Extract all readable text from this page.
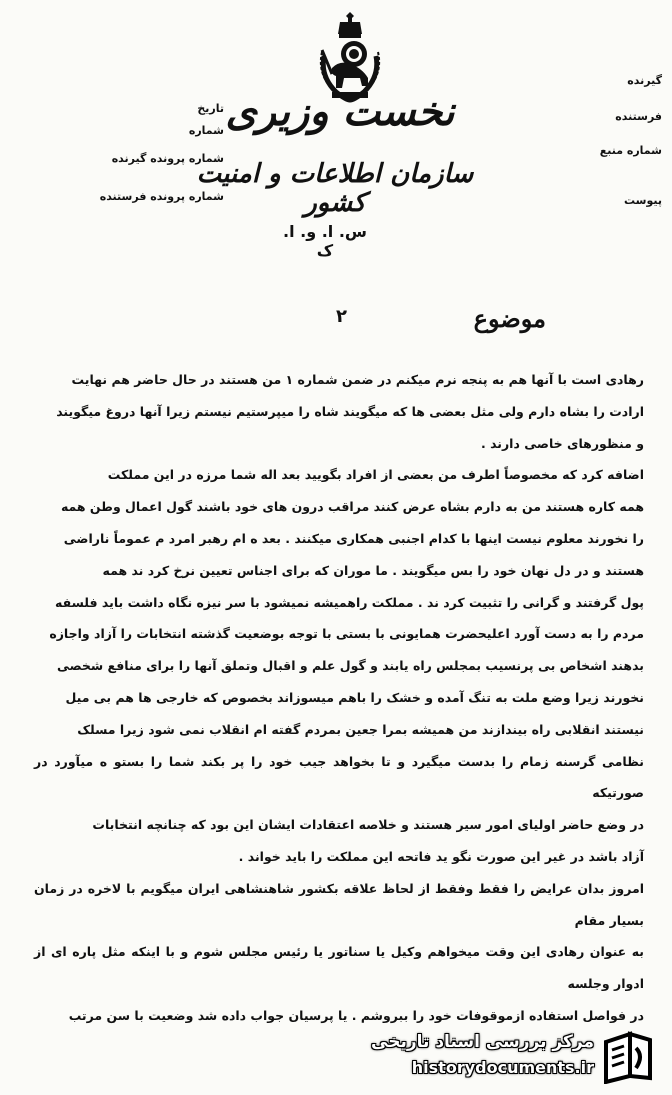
نخست وزیری
سازمان اطلاعات و امنیت کشور
س. ا. و. ا. ک
تاریخ
شماره
شماره پرونده گیرنده
شماره پرونده فرستنده
گیرنده
فرستنده
شماره منبع
پیوست
موضوع
۲
رهادی است با آنها هم به پنجه نرم میکنم در ضمن شماره ۱ من هستند در حال حاضر هم نهایت
ارادت را بشاه دارم ولی مثل بعضی ها که میگویند شاه را میپرستیم نیستم زیرا آنها دروغ میگویند
و منظورهای خاصی دارند .
اضافه کرد که مخصوصاً اطرف من بعضی از افراد بگویید بعد اله شما مرزه در این مملکت
همه کاره هستند من به دارم بشاه عرض کنند مراقب درون های خود باشند گول اعمال وطن همه
را نخورند معلوم نیست اینها با کدام اجنبی همکاری میکنند . بعد ه ام رهبر امرد م عموماً ناراضی
هستند و در دل نهان خود را بس میگویند . ما موران که برای اجناس تعیین نرخ کرد ند همه
پول گرفتند و گرانی را تثبیت کرد ند . مملکت راهمیشه نمیشود با سر نیزه نگاه داشت باید فلسفه
مردم را به دست آورد اعلیحضرت همایونی با بستی با توجه بوضعیت گذشته انتخابات را آزاد واجازه
بدهند اشخاص بی پرنسیب بمجلس راه یابند و گول علم و اقبال وتملق آنها را برای منافع شخصی
نخورند زیرا وضع ملت به تنگ آمده و خشک را باهم میسوزاند بخصوص که خارجی ها هم بی میل
نیستند انقلابی راه بیندازند من همیشه بمرا جعین بمردم گفته ام انقلاب نمی شود زیرا مسلک
نظامی گرسنه زمام را بدست میگیرد و تا بخواهد جیب خود را پر بکند شما را بستو ه میآورد در صورتیکه
در وضع حاضر اولیای امور سیر هستند و خلاصه اعتقادات ایشان این بود که چنانچه انتخابات
آزاد باشد در غیر این صورت نگو ید فاتحه این مملکت را باید خواند .
امروز بدان عرایض را فقط وفقط از لحاظ علاقه بکشور شاهنشاهی ایران میگویم با لاخره در زمان بسیار مقام
به عنوان رهادی این وقت میخواهم وکیل یا سناتور یا رئیس مجلس شوم و با اینکه مثل پاره ای از ادوار وجلسه
در فواصل استفاده ازموقوفات خود را ببروشم . یا پرسیان جواب داده شد وضعیت با سن مرتب
مرکز بررسی اسناد تاریخی
historydocuments.ir
